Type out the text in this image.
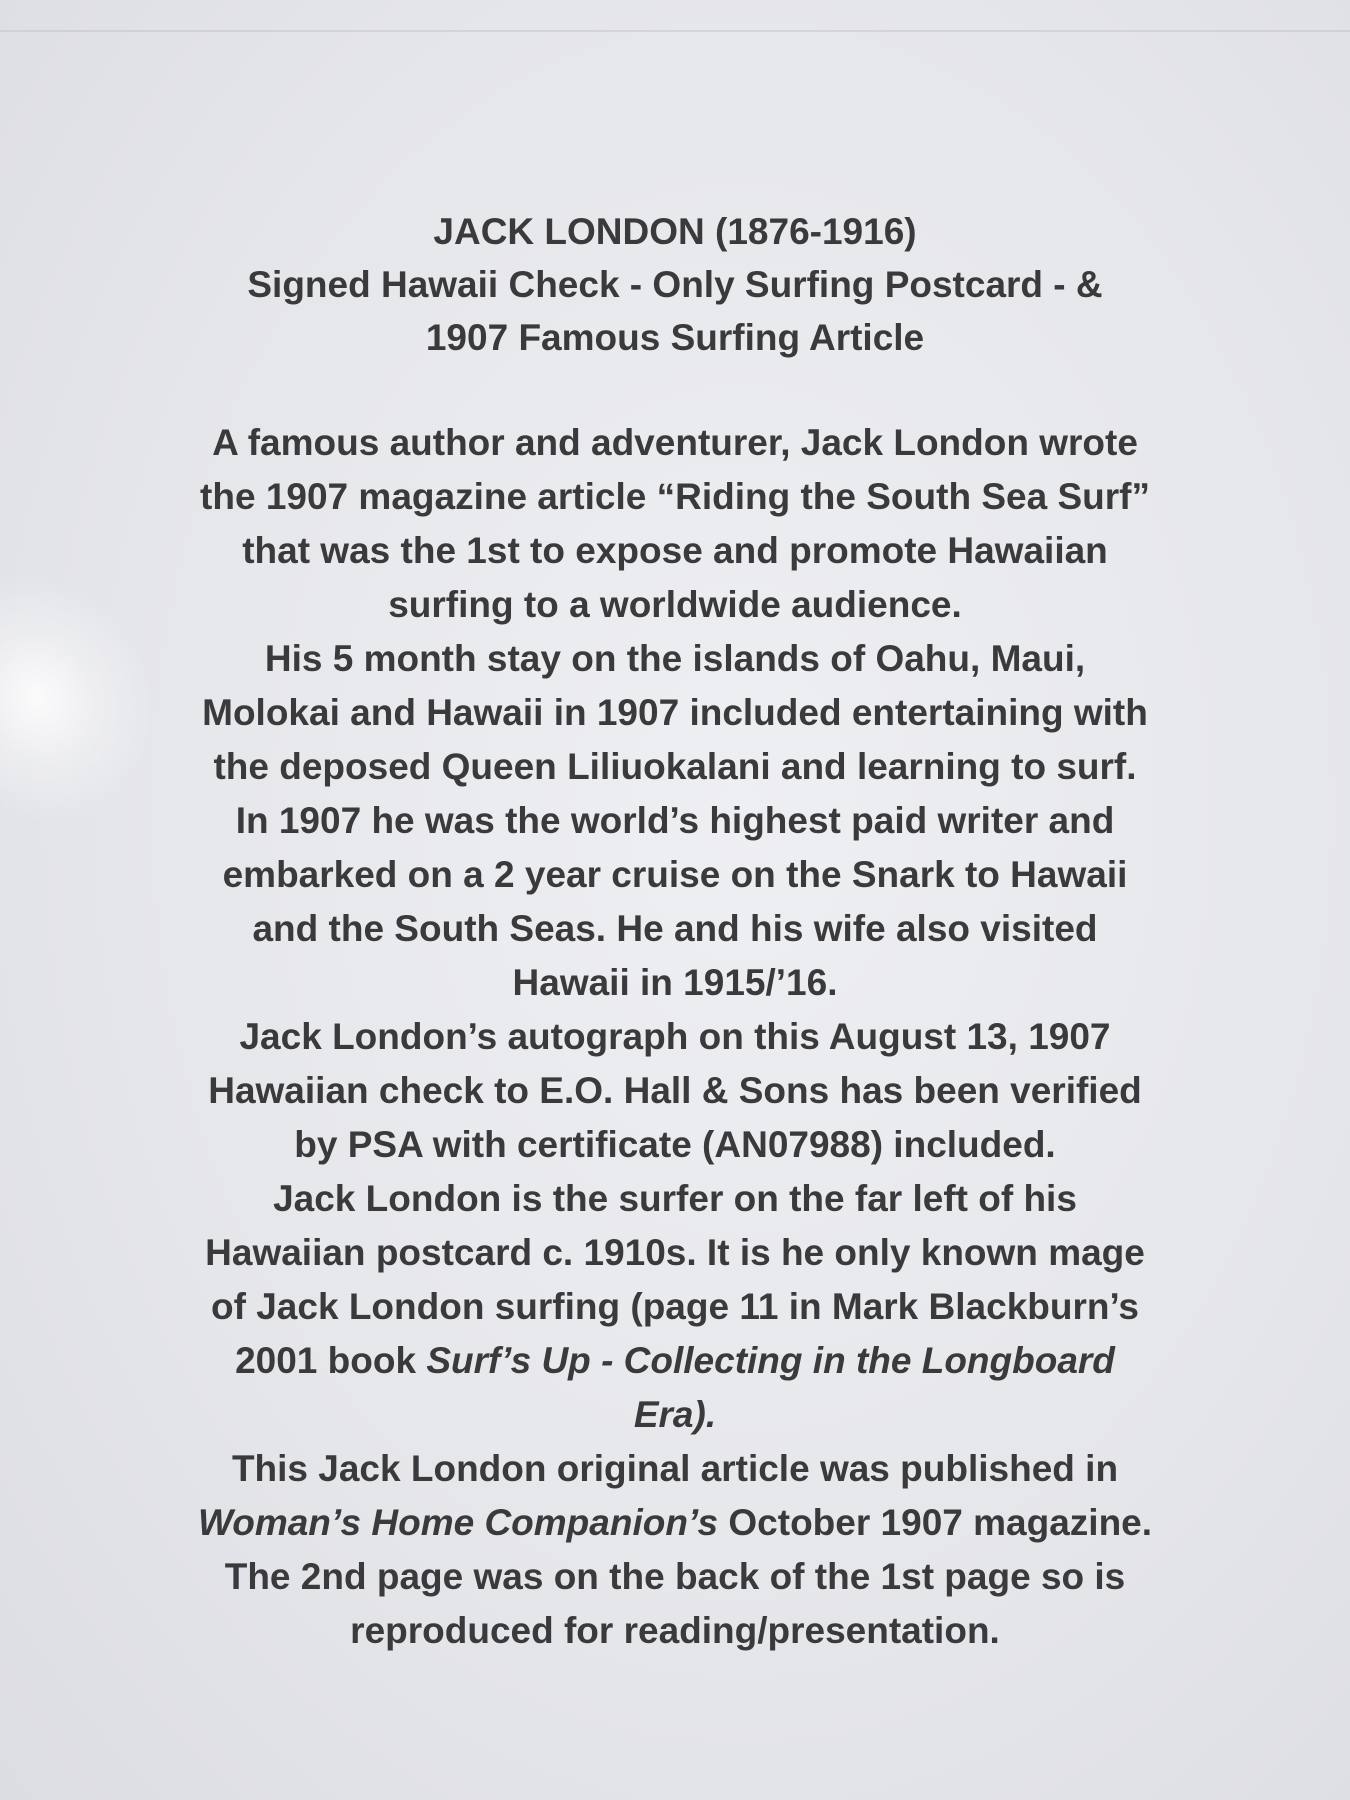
JACK LONDON (1876-1916)
Signed Hawaii Check - Only Surfing Postcard - &
1907 Famous Surfing Article
A famous author and adventurer, Jack London wrote
the 1907 magazine article “Riding the South Sea Surf”
that was the 1st to expose and promote Hawaiian
surfing to a worldwide audience.
His 5 month stay on the islands of Oahu, Maui,
Molokai and Hawaii in 1907 included entertaining with
the deposed Queen Liliuokalani and learning to surf.
In 1907 he was the world’s highest paid writer and
embarked on a 2 year cruise on the Snark to Hawaii
and the South Seas. He and his wife also visited
Hawaii in 1915/’16.
Jack London’s autograph on this August 13, 1907
Hawaiian check to E.O. Hall & Sons has been verified
by PSA with certificate (AN07988) included.
Jack London is the surfer on the far left of his
Hawaiian postcard c. 1910s. It is he only known mage
of Jack London surfing (page 11 in Mark Blackburn’s
2001 book Surf’s Up - Collecting in the Longboard
Era).
This Jack London original article was published in
Woman’s Home Companion’s October 1907 magazine.
The 2nd page was on the back of the 1st page so is
reproduced for reading/presentation.
